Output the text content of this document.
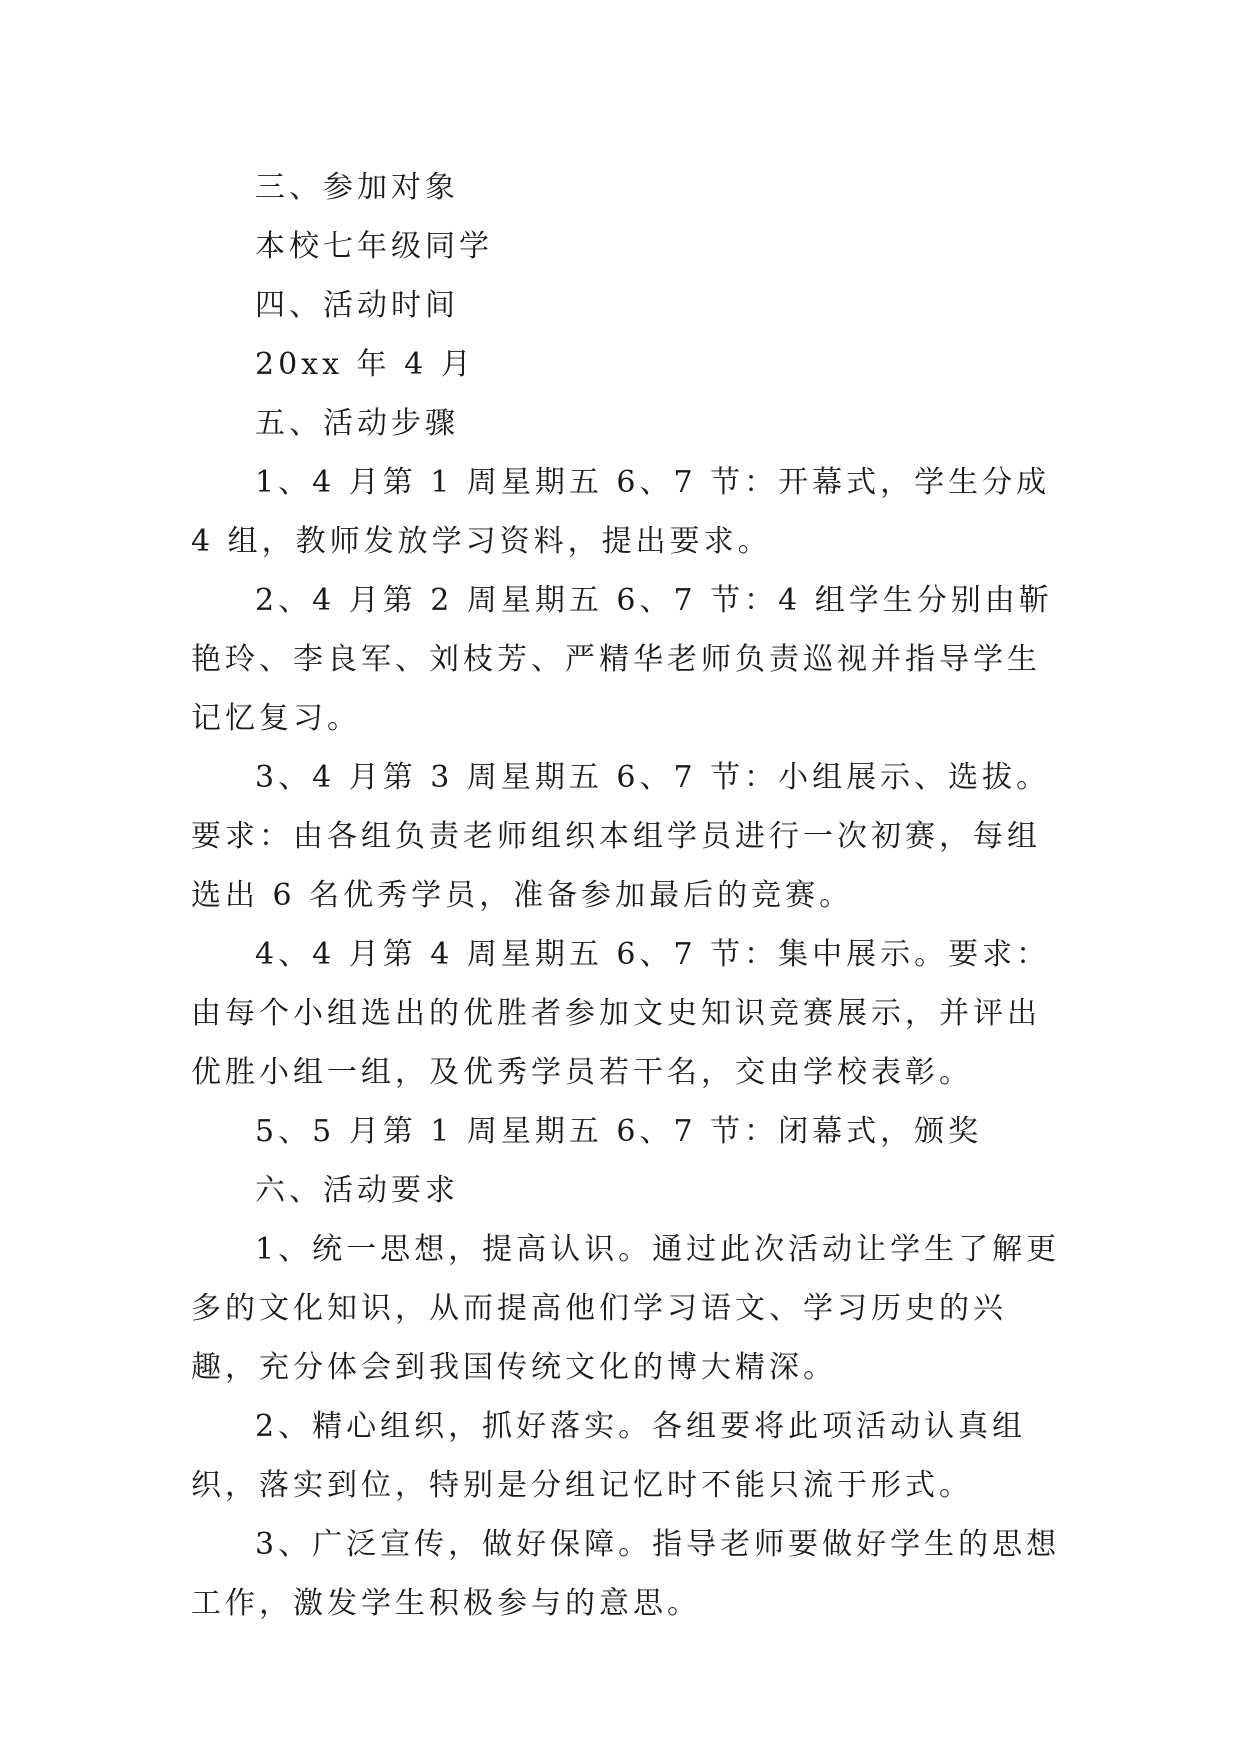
三、参加对象

本校七年级同学

四、活动时间

20xx 年 4 月

五、活动步骤

1、4 月第 1 周星期五 6、7 节：开幕式，学生分成 4 组，教师发放学习资料，提出要求。

2、4 月第 2 周星期五 6、7 节：4 组学生分别由靳艳玲、李良军、刘枝芳、严精华老师负责巡视并指导学生记忆复习。

3、4 月第 3 周星期五 6、7 节：小组展示、选拔。要求：由各组负责老师组织本组学员进行一次初赛，每组选出 6 名优秀学员，准备参加最后的竞赛。

4、4 月第 4 周星期五 6、7 节：集中展示。要求：由每个小组选出的优胜者参加文史知识竞赛展示，并评出优胜小组一组，及优秀学员若干名，交由学校表彰。

5、5 月第 1 周星期五 6、7 节：闭幕式，颁奖

六、活动要求

1、统一思想，提高认识。通过此次活动让学生了解更多的文化知识，从而提高他们学习语文、学习历史的兴趣，充分体会到我国传统文化的博大精深。

2、精心组织，抓好落实。各组要将此项活动认真组织，落实到位，特别是分组记忆时不能只流于形式。

3、广泛宣传，做好保障。指导老师要做好学生的思想工作，激发学生积极参与的意思。
